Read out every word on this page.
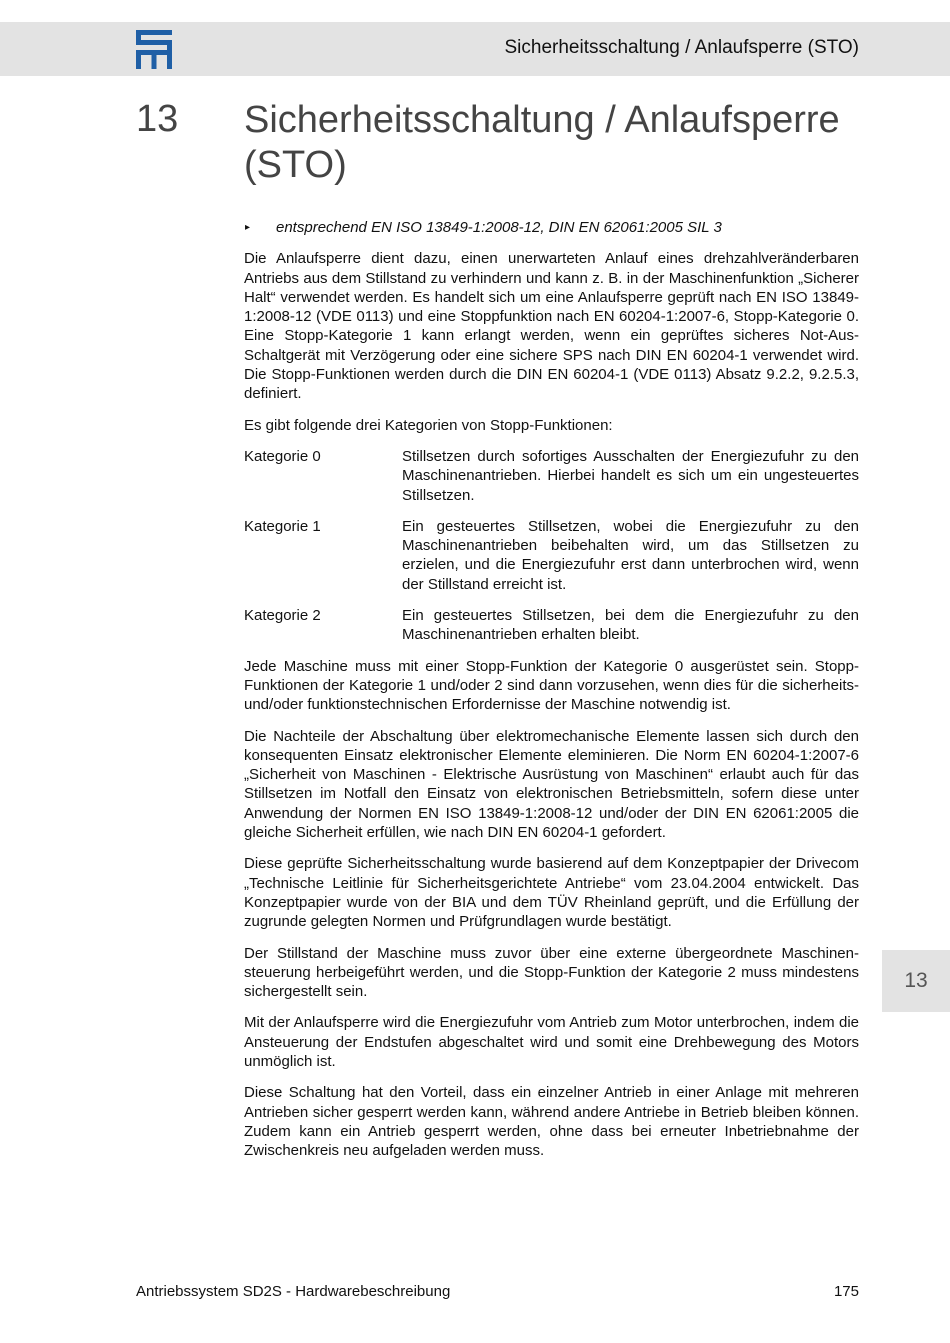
Sicherheitsschaltung / Anlaufsperre (STO)
13 Sicherheitsschaltung / Anlaufsperre (STO)
▸	entsprechend EN ISO 13849-1:2008-12, DIN EN 62061:2005 SIL 3

Die Anlaufsperre dient dazu, einen unerwarteten Anlauf eines drehzahlveränderbaren Antriebs aus dem Stillstand zu verhindern und kann z. B. in der Maschinenfunktion „Sicherer Halt“ verwendet werden. Es handelt sich um eine Anlaufsperre geprüft nach EN ISO 13849-1:2008-12 (VDE 0113) und eine Stoppfunktion nach EN 60204-1:2007-6, Stopp-Kategorie 0. Eine Stopp-Kategorie 1 kann erlangt werden, wenn ein geprüftes sicheres Not-Aus-Schaltgerät mit Verzögerung oder eine sichere SPS nach DIN EN 60204-1 verwendet wird. Die Stopp-Funktionen werden durch die DIN EN 60204-1 (VDE 0113) Absatz 9.2.2, 9.2.5.3, definiert.

Es gibt folgende drei Kategorien von Stopp-Funktionen:

Kategorie 0	Stillsetzen durch sofortiges Ausschalten der Energiezufuhr zu den Maschinenantrieben. Hierbei handelt es sich um ein ungesteuertes Stillsetzen.
Kategorie 1	Ein gesteuertes Stillsetzen, wobei die Energiezufuhr zu den Maschinenantrieben beibehalten wird, um das Stillsetzen zu erzielen, und die Energiezufuhr erst dann unterbrochen wird, wenn der Stillstand erreicht ist.
Kategorie 2	Ein gesteuertes Stillsetzen, bei dem die Energiezufuhr zu den Maschinenantrieben erhalten bleibt.

Jede Maschine muss mit einer Stopp-Funktion der Kategorie 0 ausgerüstet sein. Stopp-Funktionen der Kategorie 1 und/oder 2 sind dann vorzusehen, wenn dies für die sicherheits- und/oder funktionstechnischen Erfordernisse der Maschine notwendig ist.

Die Nachteile der Abschaltung über elektromechanische Elemente lassen sich durch den konsequenten Einsatz elektronischer Elemente eleminieren. Die Norm EN 60204-1:2007-6 „Sicherheit von Maschinen - Elektrische Ausrüstung von Maschinen“ erlaubt auch für das Stillsetzen im Notfall den Einsatz von elektronischen Betriebsmitteln, sofern diese unter Anwendung der Normen EN ISO 13849-1:2008-12 und/oder der DIN EN 62061:2005 die gleiche Sicherheit erfüllen, wie nach DIN EN 60204-1 gefordert.

Diese geprüfte Sicherheitsschaltung wurde basierend auf dem Konzeptpapier der Drivecom „Technische Leitlinie für Sicherheitsgerichtete Antriebe“ vom 23.04.2004 entwickelt. Das Konzeptpapier wurde von der BIA und dem TÜV Rheinland geprüft, und die Erfüllung der zugrunde gelegten Normen und Prüfgrundlagen wurde bestätigt.

Der Stillstand der Maschine muss zuvor über eine externe übergeordnete Maschinensteuerung herbeigeführt werden, und die Stopp-Funktion der Kategorie 2 muss mindestens sichergestellt sein.

Mit der Anlaufsperre wird die Energiezufuhr vom Antrieb zum Motor unterbrochen, indem die Ansteuerung der Endstufen abgeschaltet wird und somit eine Drehbewegung des Motors unmöglich ist.

Diese Schaltung hat den Vorteil, dass ein einzelner Antrieb in einer Anlage mit mehreren Antrieben sicher gesperrt werden kann, während andere Antriebe in Betrieb bleiben können. Zudem kann ein Antrieb gesperrt werden, ohne dass bei erneuter Inbetriebnahme der Zwischenkreis neu aufgeladen werden muss.

13
Antriebssystem SD2S - Hardwarebeschreibung	175
